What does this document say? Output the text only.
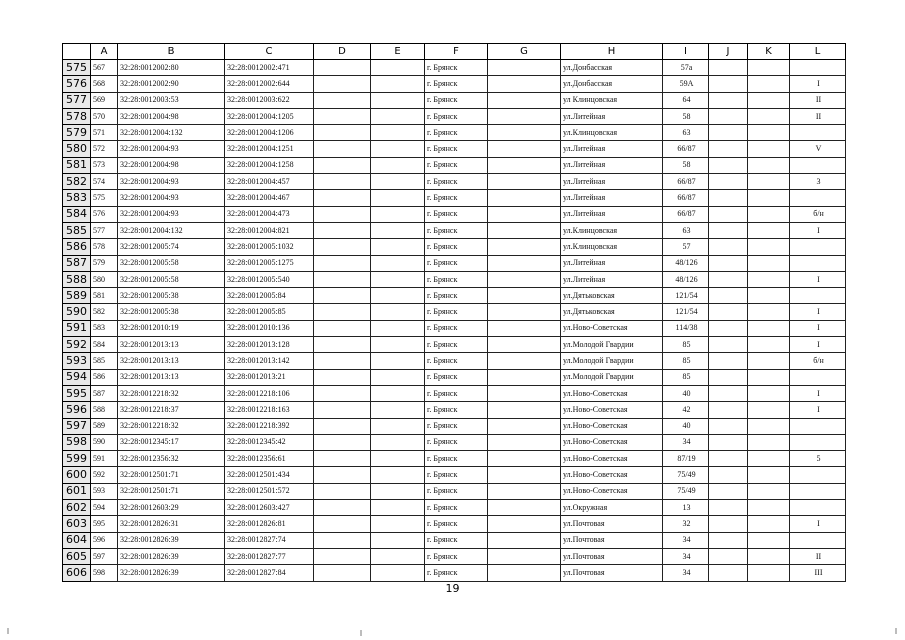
	A	B	C	D	E	F	G	H	I	J	K	L
575	567	32:28:0012002:80	32:28:0012002:471			г. Брянск		ул.Донбасская	57а			
576	568	32:28:0012002:90	32:28:0012002:644			г. Брянск		ул.Донбасская	59А			I
577	569	32:28:0012003:53	32:28:0012003:622			г. Брянск		ул Клинцовская	64			II
578	570	32:28:0012004:98	32:28:0012004:1205			г. Брянск		ул.Литейная	58			II
579	571	32:28:0012004:132	32:28:0012004:1206			г. Брянск		ул.Клинцовская	63			
580	572	32:28:0012004:93	32:28:0012004:1251			г. Брянск		ул.Литейная	66/87			V
581	573	32:28:0012004:98	32:28:0012004:1258			г. Брянск		ул.Литейная	58			
582	574	32:28:0012004:93	32:28:0012004:457			г. Брянск		ул.Литейная	66/87			3
583	575	32:28:0012004:93	32:28:0012004:467			г. Брянск		ул.Литейная	66/87			
584	576	32:28:0012004:93	32:28:0012004:473			г. Брянск		ул.Литейная	66/87			б/н
585	577	32:28:0012004:132	32:28:0012004:821			г. Брянск		ул.Клинцовская	63			I
586	578	32:28:0012005:74	32:28:0012005:1032			г. Брянск		ул.Клинцовская	57			
587	579	32:28:0012005:58	32:28:0012005:1275			г. Брянск		ул.Литейная	48/126			
588	580	32:28:0012005:58	32:28:0012005:540			г. Брянск		ул.Литейная	48/126			I
589	581	32:28:0012005:38	32:28:0012005:84			г. Брянск		ул.Дятьковская	121/54			
590	582	32:28:0012005:38	32:28:0012005:85			г. Брянск		ул.Дятьковская	121/54			I
591	583	32:28:0012010:19	32:28:0012010:136			г. Брянск		ул.Ново-Советская	114/38			I
592	584	32:28:0012013:13	32:28:0012013:128			г. Брянск		ул.Молодой Гвардии	85			I
593	585	32:28:0012013:13	32:28:0012013:142			г. Брянск		ул.Молодой Гвардии	85			б/н
594	586	32:28:0012013:13	32:28:0012013:21			г. Брянск		ул.Молодой Гвардии	85			
595	587	32:28:0012218:32	32:28:0012218:106			г. Брянск		ул.Ново-Советская	40			I
596	588	32:28:0012218:37	32:28:0012218:163			г. Брянск		ул.Ново-Советская	42			I
597	589	32:28:0012218:32	32:28:0012218:392			г. Брянск		ул.Ново-Советская	40			
598	590	32:28:0012345:17	32:28:0012345:42			г. Брянск		ул.Ново-Советская	34			
599	591	32:28:0012356:32	32:28:0012356:61			г. Брянск		ул.Ново-Советская	87/19			5
600	592	32:28:0012501:71	32:28:0012501:434			г. Брянск		ул.Ново-Советская	75/49			
601	593	32:28:0012501:71	32:28:0012501:572			г. Брянск		ул.Ново-Советская	75/49			
602	594	32:28:0012603:29	32:28:0012603:427			г. Брянск		ул.Окружная	13			
603	595	32:28:0012826:31	32:28:0012826:81			г. Брянск		ул.Почтовая	32			I
604	596	32:28:0012826:39	32:28:0012827:74			г. Брянск		ул.Почтовая	34			
605	597	32:28:0012826:39	32:28:0012827:77			г. Брянск		ул.Почтовая	34			II
606	598	32:28:0012826:39	32:28:0012827:84			г. Брянск		ул.Почтовая	34			III
19
